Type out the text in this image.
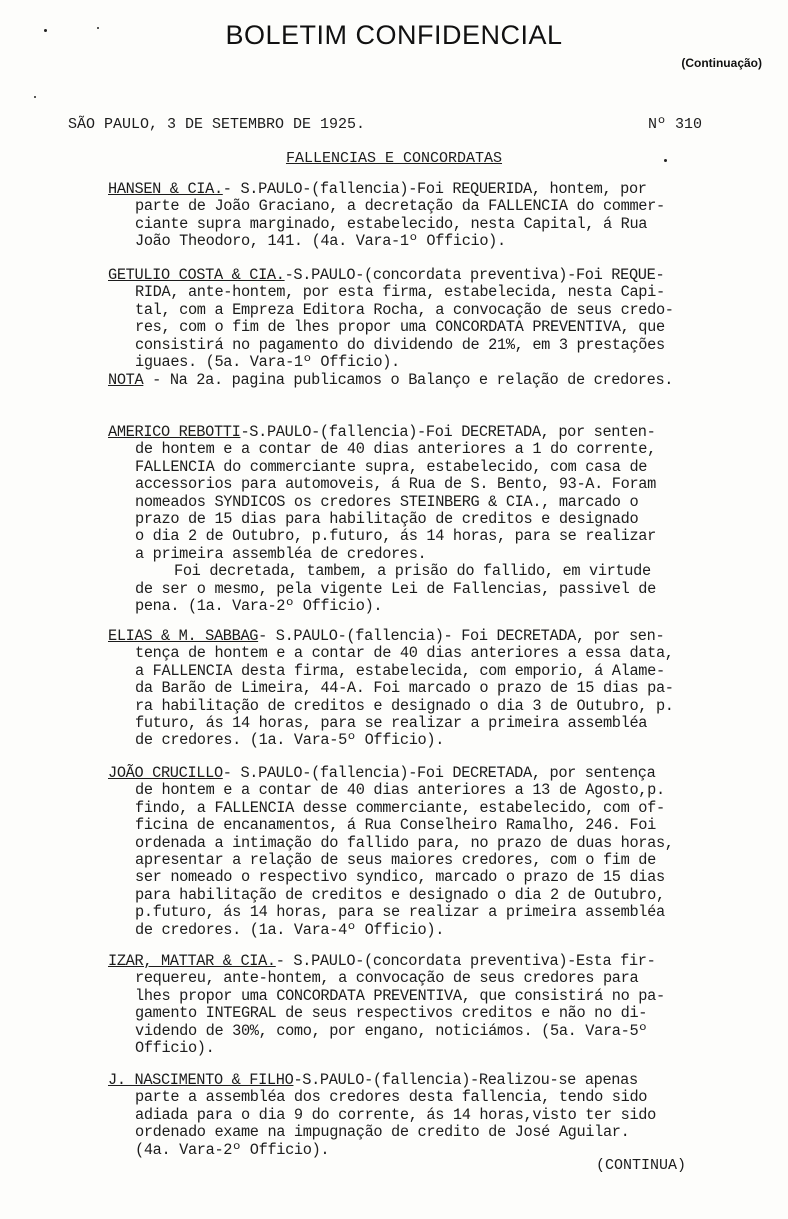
BOLETIM CONFIDENCIAL
(Continuação)
SÃO PAULO, 3 DE SETEMBRO DE 1925.	Nº 310
FALLENCIAS E CONCORDATAS

HANSEN & CIA.- S.PAULO-(fallencia)-Foi REQUERIDA, hontem, por

parte de João Graciano, a decretação da FALLENCIA do commer-

ciante supra marginado, estabelecido, nesta Capital, á Rua

João Theodoro, 141. (4a. Vara-1º Officio).

GETULIO COSTA & CIA.-S.PAULO-(concordata preventiva)-Foi REQUE-

RIDA, ante-hontem, por esta firma, estabelecida, nesta Capi-

tal, com a Empreza Editora Rocha, a convocação de seus credo-

res, com o fim de lhes propor uma CONCORDATA PREVENTIVA, que

consistirá no pagamento do dividendo de 21%, em 3 prestações

iguaes. (5a. Vara-1º Officio).

NOTA - Na 2a. pagina publicamos o Balanço e relação de credores.

AMERICO REBOTTI-S.PAULO-(fallencia)-Foi DECRETADA, por senten-

de hontem e a contar de 40 dias anteriores a 1 do corrente,

FALLENCIA do commerciante supra, estabelecido, com casa de

accessorios para automoveis, á Rua de S. Bento, 93-A. Foram

nomeados SYNDICOS os credores STEINBERG & CIA., marcado o

prazo de 15 dias para habilitação de creditos e designado

o dia 2 de Outubro, p.futuro, ás 14 horas, para se realizar

a primeira assembléa de credores.

Foi decretada, tambem, a prisão do fallido, em virtude

de ser o mesmo, pela vigente Lei de Fallencias, passivel de

pena. (1a. Vara-2º Officio).

ELIAS & M. SABBAG- S.PAULO-(fallencia)- Foi DECRETADA, por sen-

tença de hontem e a contar de 40 dias anteriores a essa data,

a FALLENCIA desta firma, estabelecida, com emporio, á Alame-

da Barão de Limeira, 44-A. Foi marcado o prazo de 15 dias pa-

ra habilitação de creditos e designado o dia 3 de Outubro, p.

futuro, ás 14 horas, para se realizar a primeira assembléa

de credores. (1a. Vara-5º Officio).

JOÃO CRUCILLO- S.PAULO-(fallencia)-Foi DECRETADA, por sentença

de hontem e a contar de 40 dias anteriores a 13 de Agosto,p.

findo, a FALLENCIA desse commerciante, estabelecido, com of-

ficina de encanamentos, á Rua Conselheiro Ramalho, 246. Foi

ordenada a intimação do fallido para, no prazo de duas horas,

apresentar a relação de seus maiores credores, com o fim de

ser nomeado o respectivo syndico, marcado o prazo de 15 dias

para habilitação de creditos e designado o dia 2 de Outubro,

p.futuro, ás 14 horas, para se realizar a primeira assembléa

de credores. (1a. Vara-4º Officio).

IZAR, MATTAR & CIA.- S.PAULO-(concordata preventiva)-Esta fir-

requereu, ante-hontem, a convocação de seus credores para

lhes propor uma CONCORDATA PREVENTIVA, que consistirá no pa-

gamento INTEGRAL de seus respectivos creditos e não no di-

videndo de 30%, como, por engano, noticiámos. (5a. Vara-5º

Officio).

J. NASCIMENTO & FILHO-S.PAULO-(fallencia)-Realizou-se apenas

parte a assembléa dos credores desta fallencia, tendo sido

adiada para o dia 9 do corrente, ás 14 horas,visto ter sido

ordenado exame na impugnação de credito de José Aguilar.

(4a. Vara-2º Officio).

(CONTINUA)
